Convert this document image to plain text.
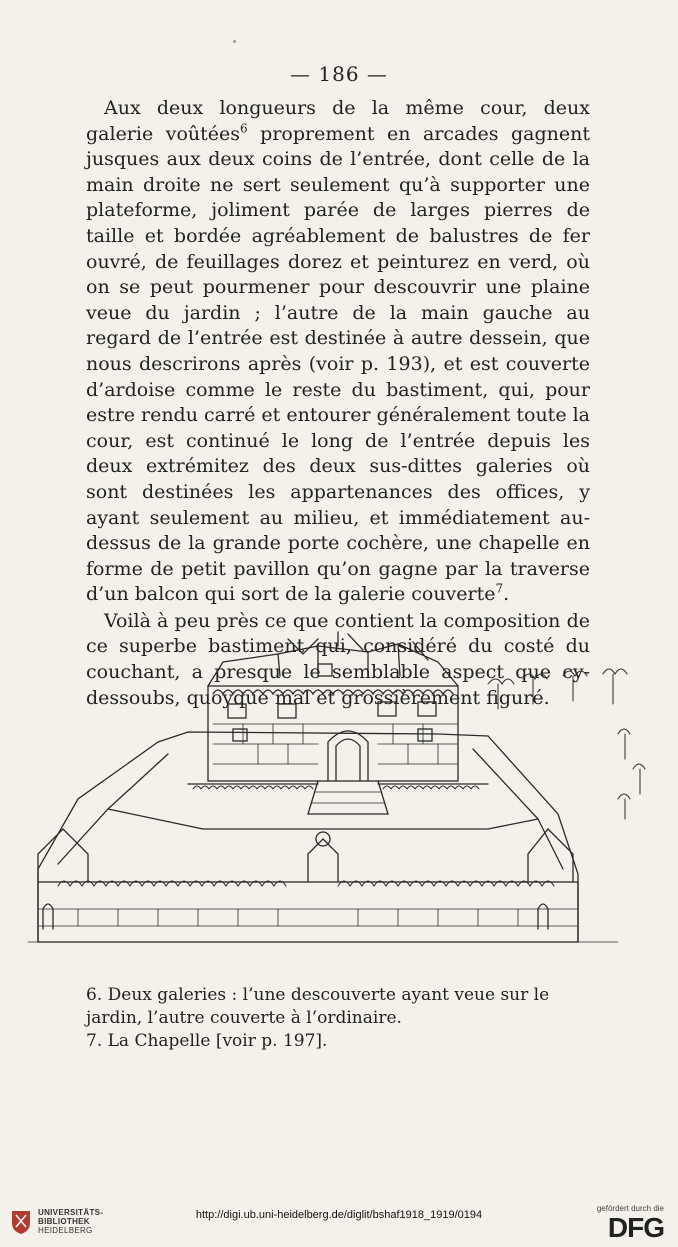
— 186 —

Aux deux longueurs de la même cour, deux galerie voûtées$^6$ proprement en arcades gagnent jusques aux deux coins de l’entrée, dont celle de la main droite ne sert seulement qu’à supporter une plateforme, joliment parée de larges pierres de taille et bordée agréablement de balustres de fer ouvré, de feuillages dorez et peinturez en verd, où on se peut pourmener pour descouvrir une plaine veue du jardin ; l’autre de la main gauche au regard de l’entrée est destinée à autre dessein, que nous descrirons après (voir p. 193), et est couverte d’ardoise comme le reste du bastiment, qui, pour estre rendu carré et entourer généralement toute la cour, est continué le long de l’entrée depuis les deux extrémitez des deux sus-dittes galeries où sont destinées les appartenances des offices, y ayant seulement au milieu, et immédiatement au-dessus de la grande porte cochère, une chapelle en forme de petit pavillon qu’on gagne par la traverse d’un balcon qui sort de la galerie couverte$^7$.

Voilà à peu près ce que contient la composition de ce superbe bastiment qui, considéré du costé du couchant, a presque le semblable aspect que cy-dessoubs, quoyque mal et grossièrement figuré.

6. Deux galeries : l’une descouverte ayant veue sur le jardin, l’autre couverte à l’ordinaire.
7. La Chapelle [voir p. 197].
UNIVERSITÄTS-
BIBLIOTHEK
HEIDELBERG
http://digi.ub.uni-heidelberg.de/diglit/bshaf1918_1919/0194
gefördert durch die
DFG
